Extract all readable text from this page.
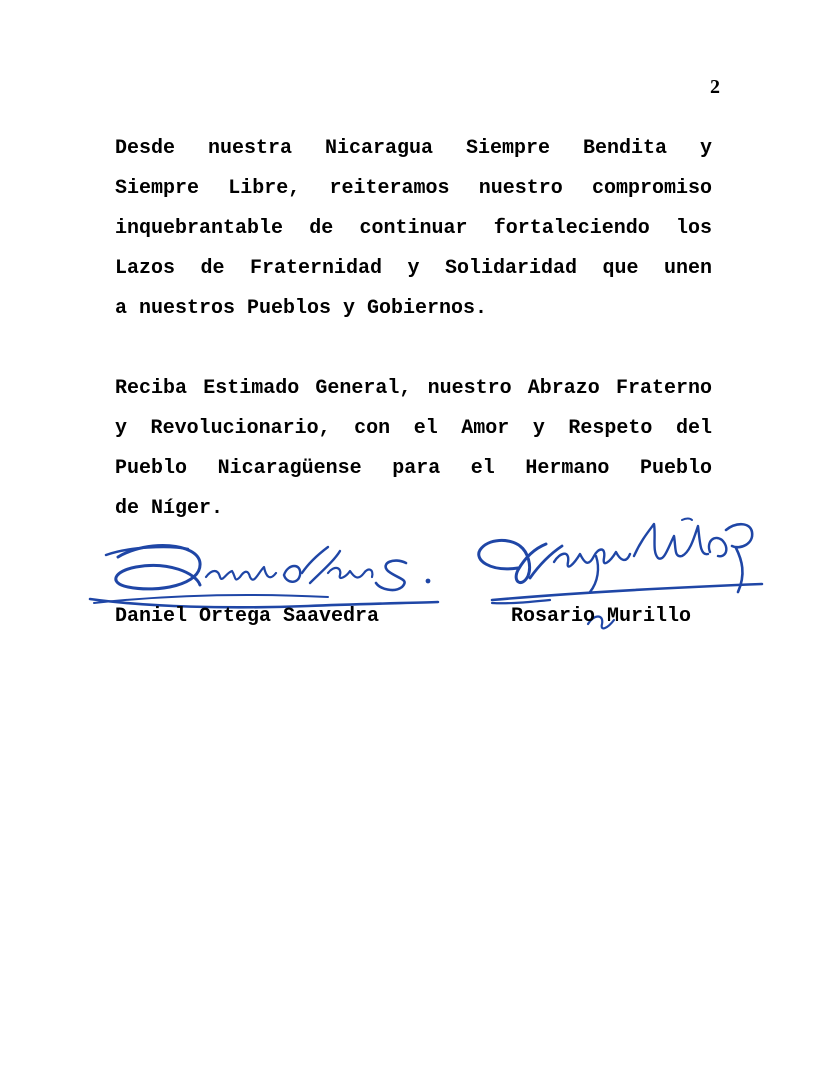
2
Desde nuestra Nicaragua Siempre Bendita y
Siempre Libre, reiteramos nuestro compromiso
inquebrantable de continuar fortaleciendo los
Lazos de Fraternidad y Solidaridad que unen
a nuestros Pueblos y Gobiernos.
Reciba Estimado General, nuestro Abrazo Fraterno
y Revolucionario, con el Amor y Respeto del
Pueblo Nicaragüense para el Hermano Pueblo
de Níger.
Daniel Ortega Saavedra	Rosario Murillo
